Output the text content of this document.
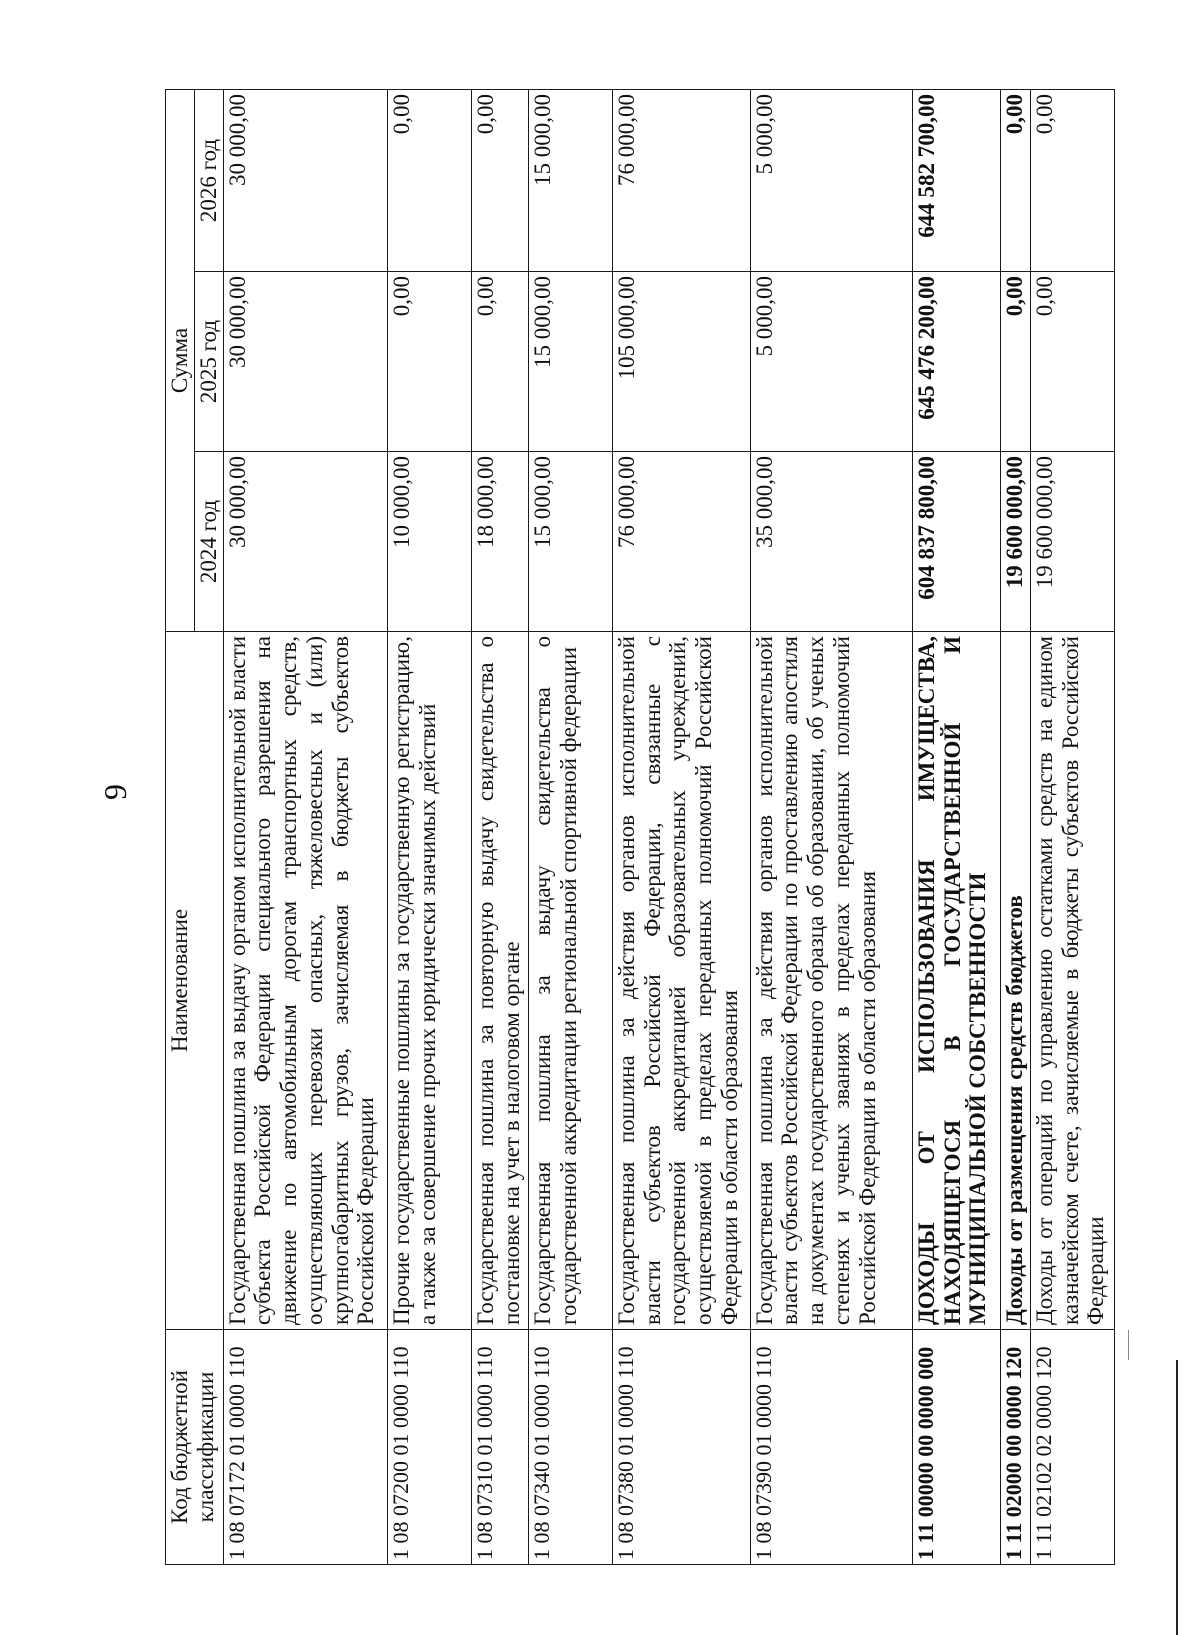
9
Код бюджетной классификации	Наименование	Сумма		
		2024 год	2025 год	2026 год
1 08 07172 01 0000 110	Государственная пошлина за выдачу органом исполнительной власти субъекта Российской Федерации специального разрешения на движение по автомобильным дорогам транспортных средств, осуществляющих перевозки опасных, тяжеловесных и (или) крупногабаритных грузов, зачисляемая в бюджеты субъектов Российской Федерации	30 000,00	30 000,00	30 000,00
1 08 07200 01 0000 110	Прочие государственные пошлины за государственную регистрацию, а также за совершение прочих юридически значимых действий	10 000,00	0,00	0,00
1 08 07310 01 0000 110	Государственная пошлина за повторную выдачу свидетельства о постановке на учет в налоговом органе	18 000,00	0,00	0,00
1 08 07340 01 0000 110	Государственная пошлина за выдачу свидетельства о государственной аккредитации региональной спортивной федерации	15 000,00	15 000,00	15 000,00
1 08 07380 01 0000 110	Государственная пошлина за действия органов исполнительной власти субъектов Российской Федерации, связанные с государственной аккредитацией образовательных учреждений, осуществляемой в пределах переданных полномочий Российской Федерации в области образования	76 000,00	105 000,00	76 000,00
1 08 07390 01 0000 110	Государственная пошлина за действия органов исполнительной власти субъектов Российской Федерации по проставлению апостиля на документах государственного образца об образовании, об ученых степенях и ученых званиях в пределах переданных полномочий Российской Федерации в области образования	35 000,00	5 000,00	5 000,00
1 11 00000 00 0000 000	ДОХОДЫ ОТ ИСПОЛЬЗОВАНИЯ ИМУЩЕСТВА, НАХОДЯЩЕГОСЯ В ГОСУДАРСТВЕННОЙ И МУНИЦИПАЛЬНОЙ СОБСТВЕННОСТИ	604 837 800,00	645 476 200,00	644 582 700,00
1 11 02000 00 0000 120	Доходы от размещения средств бюджетов	19 600 000,00	0,00	0,00
1 11 02102 02 0000 120	Доходы от операций по управлению остатками средств на едином казначейском счете, зачисляемые в бюджеты субъектов Российской Федерации	19 600 000,00	0,00	0,00
